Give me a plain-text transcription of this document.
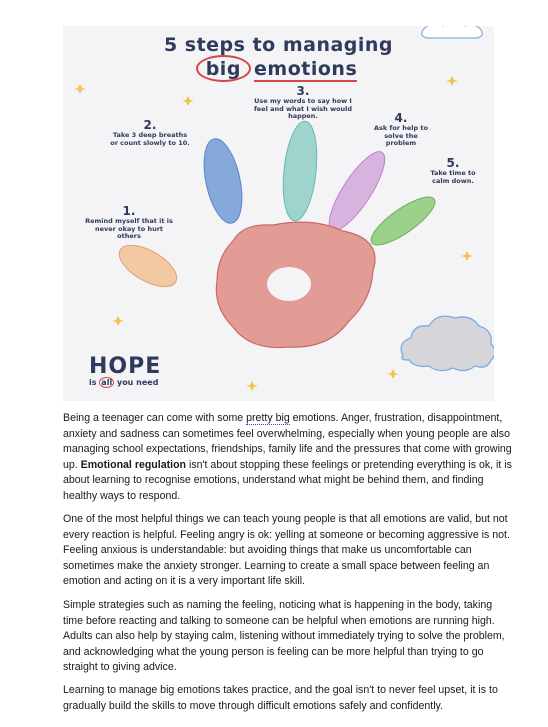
5 steps to managing
big emotions
1.
Remind myself that it is never okay to hurt others
2.
Take 3 deep breaths or count slowly to 10.
3.
Use my words to say how I feel and what I wish would happen.	4.
Ask for help to solve the problem
5.
Take time to calm down.
HOPE
is all you need

Being a teenager can come with some pretty big emotions. Anger, frustration, disappointment, anxiety and sadness can sometimes feel overwhelming, especially when young people are also managing school expectations, friendships, family life and the pressures that come with growing up. Emotional regulation isn't about stopping these feelings or pretending everything is ok, it is about learning to recognise emotions, understand what might be behind them, and finding healthy ways to respond.

One of the most helpful things we can teach young people is that all emotions are valid, but not every reaction is helpful. Feeling angry is ok: yelling at someone or becoming aggressive is not. Feeling anxious is understandable: but avoiding things that make us uncomfortable can sometimes make the anxiety stronger. Learning to create a small space between feeling an emotion and acting on it is a very important life skill.

Simple strategies such as naming the feeling, noticing what is happening in the body, taking time before reacting and talking to someone can be helpful when emotions are running high. Adults can also help by staying calm, listening without immediately trying to solve the problem, and acknowledging what the young person is feeling can be more helpful than trying to go straight to giving advice.

Learning to manage big emotions takes practice, and the goal isn't to never feel upset, it is to gradually build the skills to move through difficult emotions safely and confidently.
